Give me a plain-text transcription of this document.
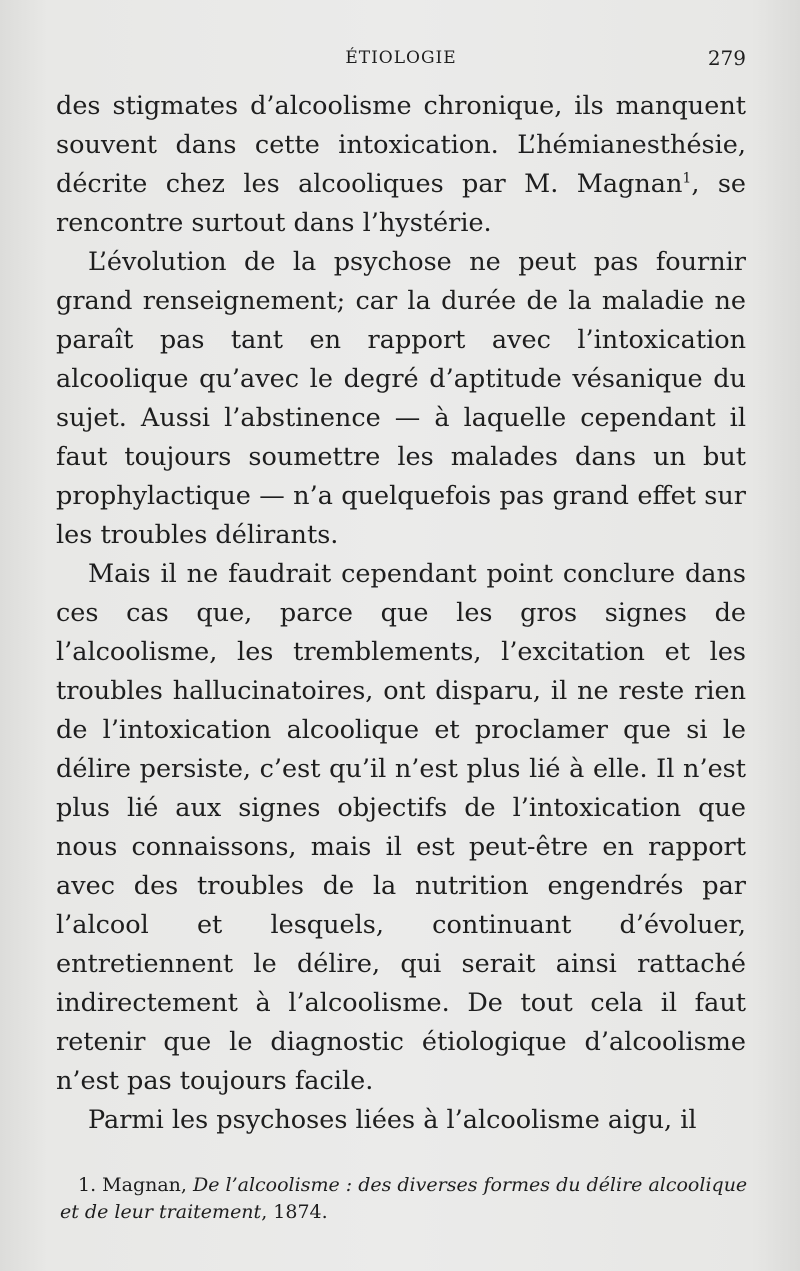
ÉTIOLOGIE	279

des stigmates d’alcoolisme chronique, ils manquent souvent dans cette intoxication. L’hémianesthésie, décrite chez les alcooliques par M. Magnan$^1$, se rencontre surtout dans l’hystérie.

L’évolution de la psychose ne peut pas fournir grand renseignement; car la durée de la maladie ne paraît pas tant en rapport avec l’intoxication alcoolique qu’avec le degré d’aptitude vésanique du sujet. Aussi l’abstinence — à laquelle cependant il faut toujours soumettre les malades dans un but prophylactique — n’a quelquefois pas grand effet sur les troubles délirants.

Mais il ne faudrait cependant point conclure dans ces cas que, parce que les gros signes de l’alcoolisme, les tremblements, l’excitation et les troubles hallucinatoires, ont disparu, il ne reste rien de l’intoxication alcoolique et proclamer que si le délire persiste, c’est qu’il n’est plus lié à elle. Il n’est plus lié aux signes objectifs de l’intoxication que nous connaissons, mais il est peut-être en rapport avec des troubles de la nutrition engendrés par l’alcool et lesquels, continuant d’évoluer, entretiennent le délire, qui serait ainsi rattaché indirectement à l’alcoolisme. De tout cela il faut retenir que le diagnostic étiologique d’alcoolisme n’est pas toujours facile.

Parmi les psychoses liées à l’alcoolisme aigu, il

1. Magnan, De l’alcoolisme : des diverses formes du délire alcoolique et de leur traitement, 1874.
